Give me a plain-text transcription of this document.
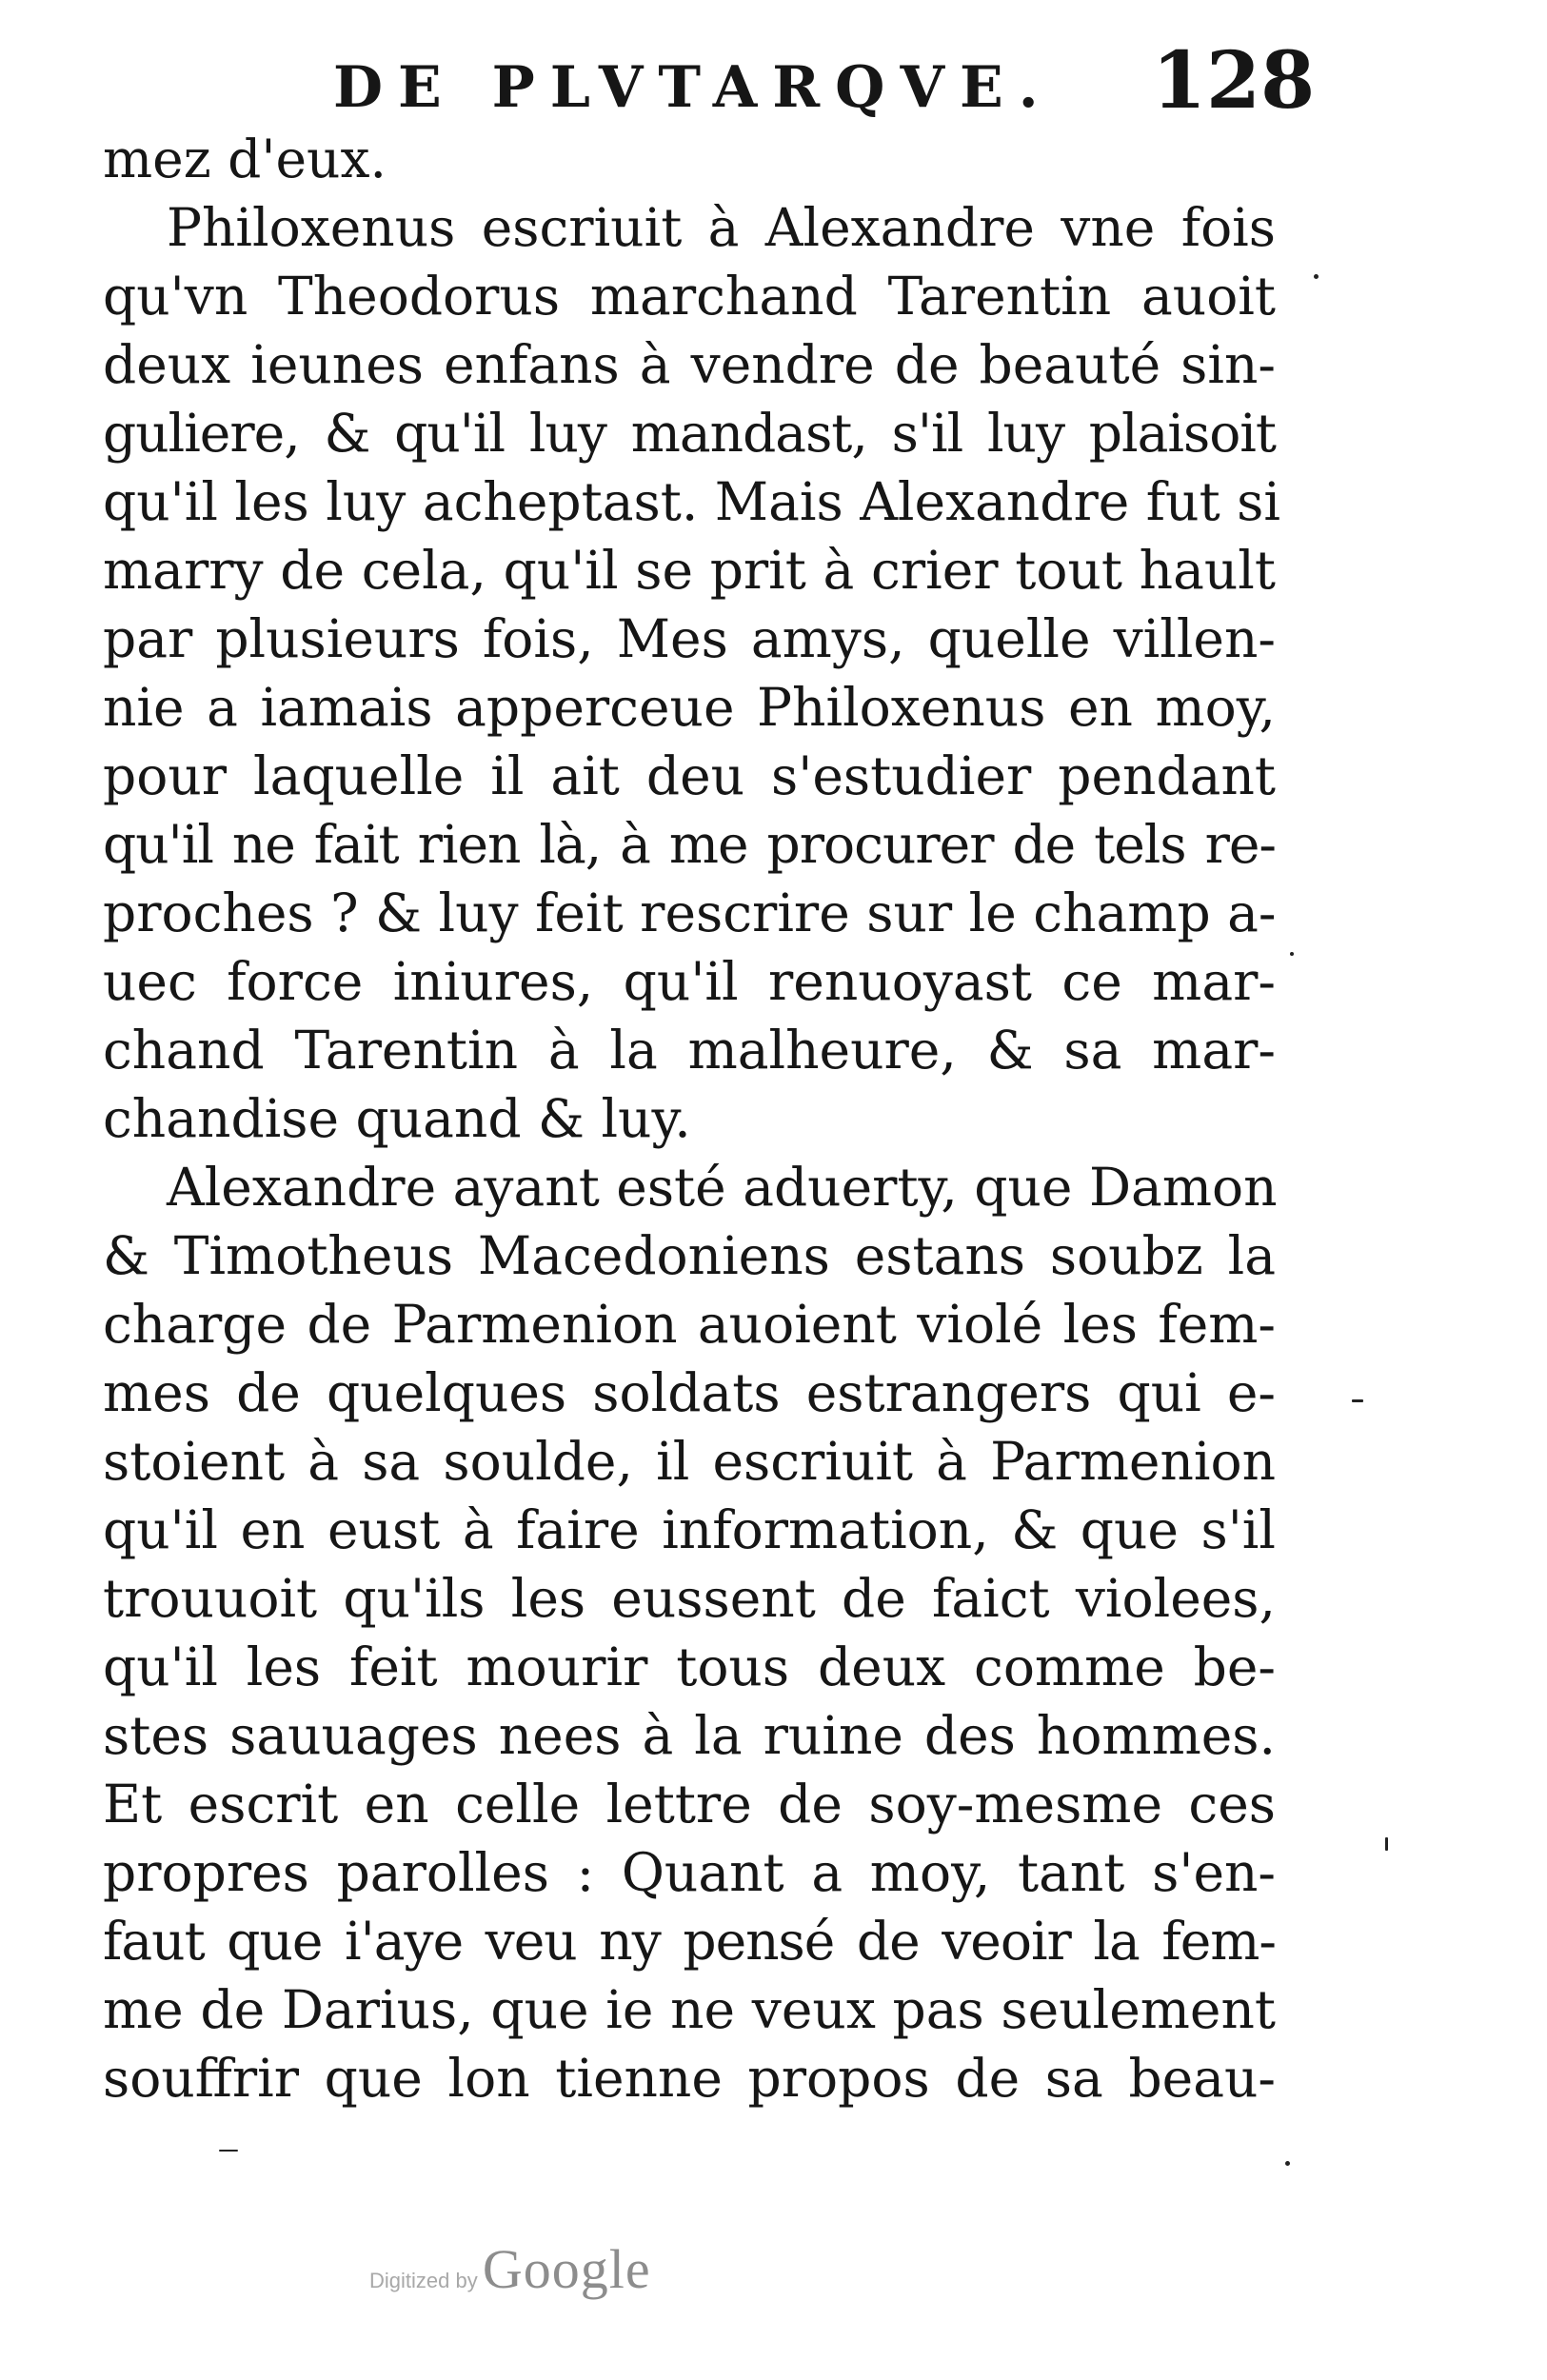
DE PLVTARQVE. 128
mez d'eux.
Philoxenus escriuit à Alexandre vne fois
qu'vn Theodorus marchand Tarentin auoit
deux ieunes enfans à vendre de beauté sin-
guliere, & qu'il luy mandast, s'il luy plaisoit
qu'il les luy acheptast. Mais Alexandre fut si
marry de cela, qu'il se prit à crier tout hault
par plusieurs fois, Mes amys, quelle villen-
nie a iamais apperceue Philoxenus en moy,
pour laquelle il ait deu s'estudier pendant
qu'il ne fait rien là, à me procurer de tels re-
proches ? & luy feit rescrire sur le champ a-
uec force iniures, qu'il renuoyast ce mar-
chand Tarentin à la malheure, & sa mar-
chandise quand & luy.
Alexandre ayant esté aduerty, que Damon
& Timotheus Macedoniens estans soubz la
charge de Parmenion auoient violé les fem-
mes de quelques soldats estrangers qui e-
stoient à sa soulde, il escriuit à Parmenion
qu'il en eust à faire information, & que s'il
trouuoit qu'ils les eussent de faict violees,
qu'il les feit mourir tous deux comme be-
stes sauuages nees à la ruine des hommes.
Et escrit en celle lettre de soy-mesme ces
propres parolles : Quant a moy, tant s'en-
faut que i'aye veu ny pensé de veoir la fem-
me de Darius, que ie ne veux pas seulement
souffrir que lon tienne propos de sa beau-
Digitized by Google
